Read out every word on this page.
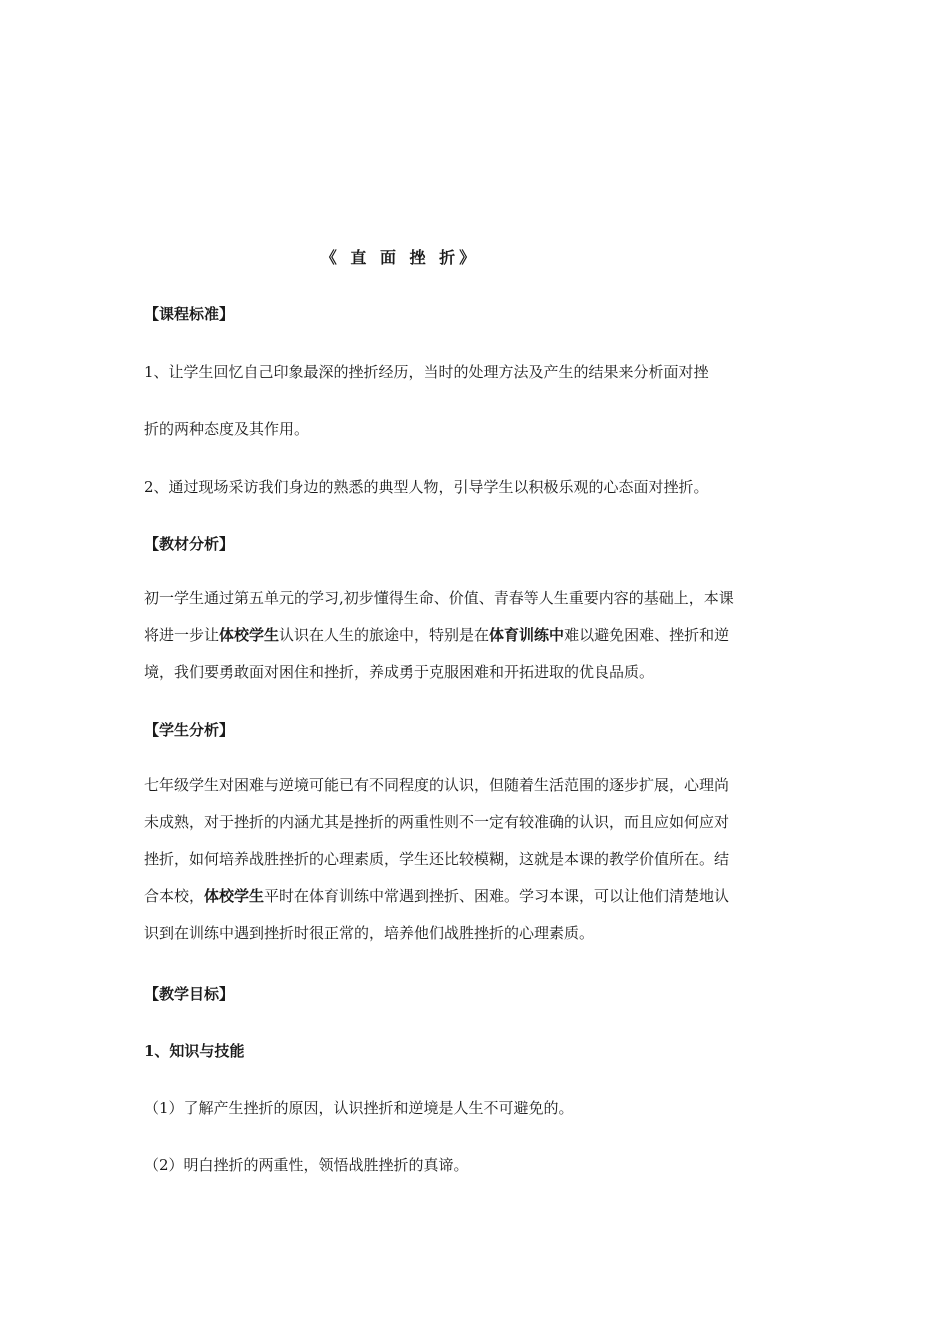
《 直 面 挫 折》
【课程标准】
1、让学生回忆自己印象最深的挫折经历，当时的处理方法及产生的结果来分析面对挫
折的两种态度及其作用。
2、通过现场采访我们身边的熟悉的典型人物，引导学生以积极乐观的心态面对挫折。
【教材分析】
初一学生通过第五单元的学习,初步懂得生命、价值、青春等人生重要内容的基础上，本课
将进一步让体校学生认识在人生的旅途中，特别是在体育训练中难以避免困难、挫折和逆
境，我们要勇敢面对困住和挫折，养成勇于克服困难和开拓进取的优良品质。
【学生分析】
七年级学生对困难与逆境可能已有不同程度的认识，但随着生活范围的逐步扩展，心理尚
未成熟，对于挫折的内涵尤其是挫折的两重性则不一定有较准确的认识，而且应如何应对
挫折，如何培养战胜挫折的心理素质，学生还比较模糊，这就是本课的教学价值所在。结
合本校，体校学生平时在体育训练中常遇到挫折、困难。学习本课，可以让他们清楚地认
识到在训练中遇到挫折时很正常的，培养他们战胜挫折的心理素质。
【教学目标】
1、知识与技能
（1）了解产生挫折的原因，认识挫折和逆境是人生不可避免的。
（2）明白挫折的两重性，领悟战胜挫折的真谛。
